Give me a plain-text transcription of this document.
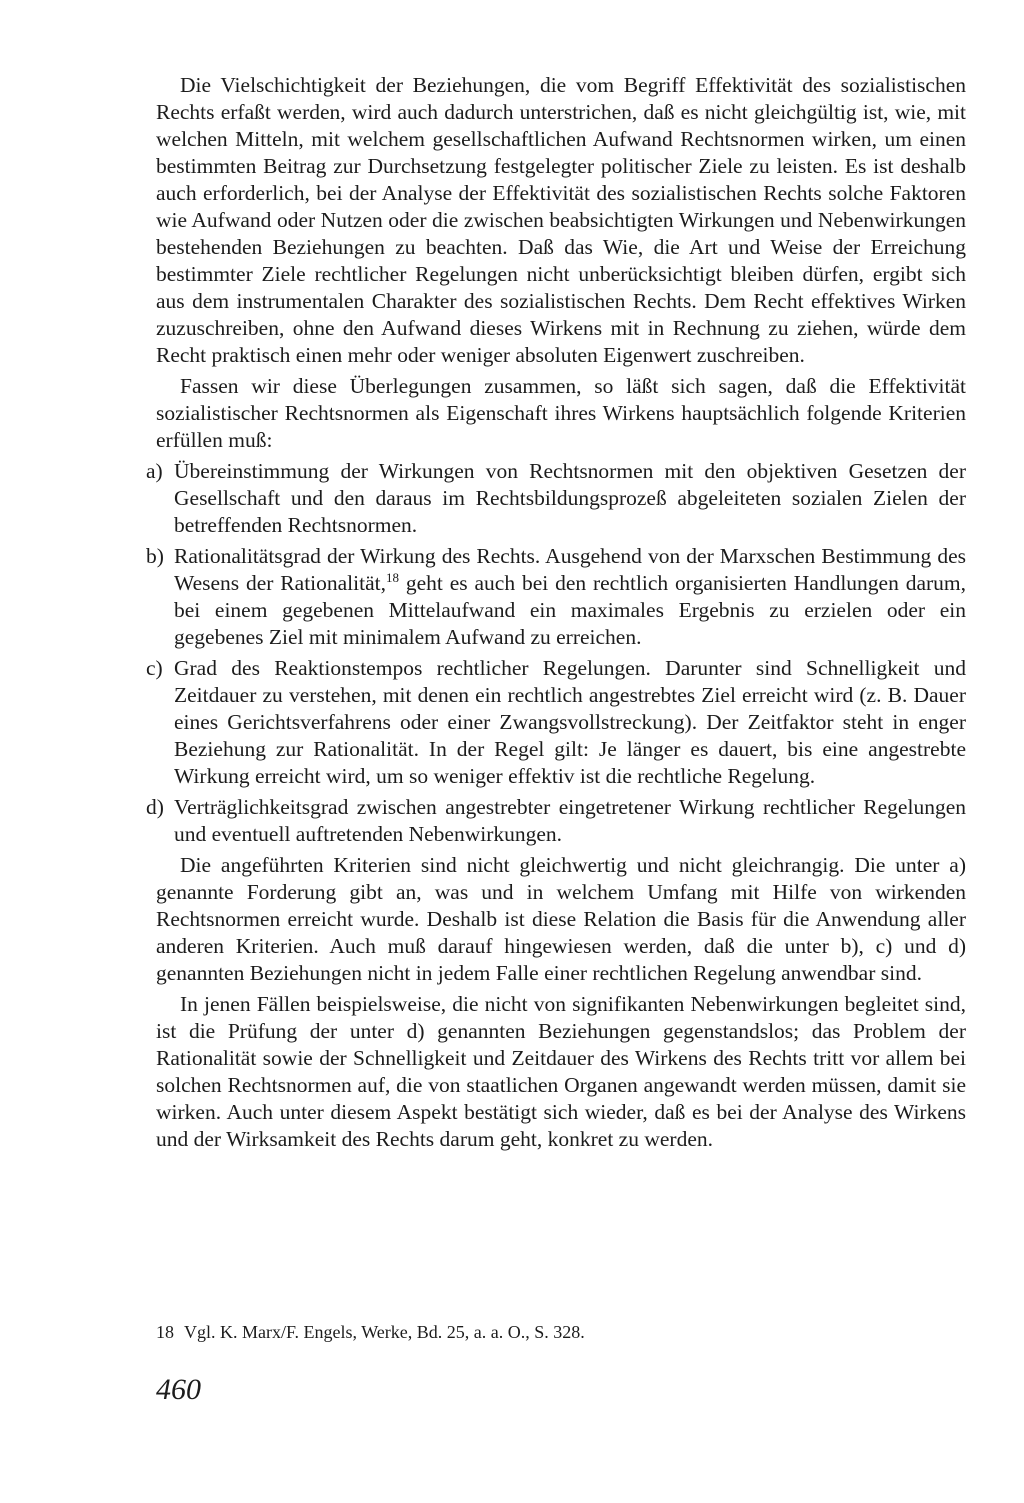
Die Vielschichtigkeit der Beziehungen, die vom Begriff Effektivität des sozialistischen Rechts erfaßt werden, wird auch dadurch unterstrichen, daß es nicht gleichgültig ist, wie, mit welchen Mitteln, mit welchem gesellschaftlichen Aufwand Rechtsnormen wirken, um einen bestimmten Beitrag zur Durchsetzung festgelegter politischer Ziele zu leisten. Es ist deshalb auch erforderlich, bei der Analyse der Effektivität des sozialistischen Rechts solche Faktoren wie Aufwand oder Nutzen oder die zwischen beabsichtigten Wirkungen und Nebenwirkungen bestehenden Beziehungen zu beachten. Daß das Wie, die Art und Weise der Erreichung bestimmter Ziele rechtlicher Regelungen nicht unberücksichtigt bleiben dürfen, ergibt sich aus dem instrumentalen Charakter des sozialistischen Rechts. Dem Recht effektives Wirken zuzuschreiben, ohne den Aufwand dieses Wirkens mit in Rechnung zu ziehen, würde dem Recht praktisch einen mehr oder weniger absoluten Eigenwert zuschreiben.

Fassen wir diese Überlegungen zusammen, so läßt sich sagen, daß die Effektivität sozialistischer Rechtsnormen als Eigenschaft ihres Wirkens hauptsächlich folgende Kriterien erfüllen muß:

a) Übereinstimmung der Wirkungen von Rechtsnormen mit den objektiven Gesetzen der Gesellschaft und den daraus im Rechtsbildungsprozeß abgeleiteten sozialen Zielen der betreffenden Rechtsnormen.
b) Rationalitätsgrad der Wirkung des Rechts. Ausgehend von der Marxschen Bestimmung des Wesens der Rationalität,$^{18}$ geht es auch bei den rechtlich organisierten Handlungen darum, bei einem gegebenen Mittelaufwand ein maximales Ergebnis zu erzielen oder ein gegebenes Ziel mit minimalem Aufwand zu erreichen.
c) Grad des Reaktionstempos rechtlicher Regelungen. Darunter sind Schnelligkeit und Zeitdauer zu verstehen, mit denen ein rechtlich angestrebtes Ziel erreicht wird (z. B. Dauer eines Gerichtsverfahrens oder einer Zwangsvollstreckung). Der Zeitfaktor steht in enger Beziehung zur Rationalität. In der Regel gilt: Je länger es dauert, bis eine angestrebte Wirkung erreicht wird, um so weniger effektiv ist die rechtliche Regelung.
d) Verträglichkeitsgrad zwischen angestrebter eingetretener Wirkung rechtlicher Regelungen und eventuell auftretenden Nebenwirkungen.

Die angeführten Kriterien sind nicht gleichwertig und nicht gleichrangig. Die unter a) genannte Forderung gibt an, was und in welchem Umfang mit Hilfe von wirkenden Rechtsnormen erreicht wurde. Deshalb ist diese Relation die Basis für die Anwendung aller anderen Kriterien. Auch muß darauf hingewiesen werden, daß die unter b), c) und d) genannten Beziehungen nicht in jedem Falle einer rechtlichen Regelung anwendbar sind.

In jenen Fällen beispielsweise, die nicht von signifikanten Nebenwirkungen begleitet sind, ist die Prüfung der unter d) genannten Beziehungen gegenstandslos; das Problem der Rationalität sowie der Schnelligkeit und Zeitdauer des Wirkens des Rechts tritt vor allem bei solchen Rechtsnormen auf, die von staatlichen Organen angewandt werden müssen, damit sie wirken. Auch unter diesem Aspekt bestätigt sich wieder, daß es bei der Analyse des Wirkens und der Wirksamkeit des Rechts darum geht, konkret zu werden.

18 Vgl. K. Marx/F. Engels, Werke, Bd. 25, a. a. O., S. 328.
460
